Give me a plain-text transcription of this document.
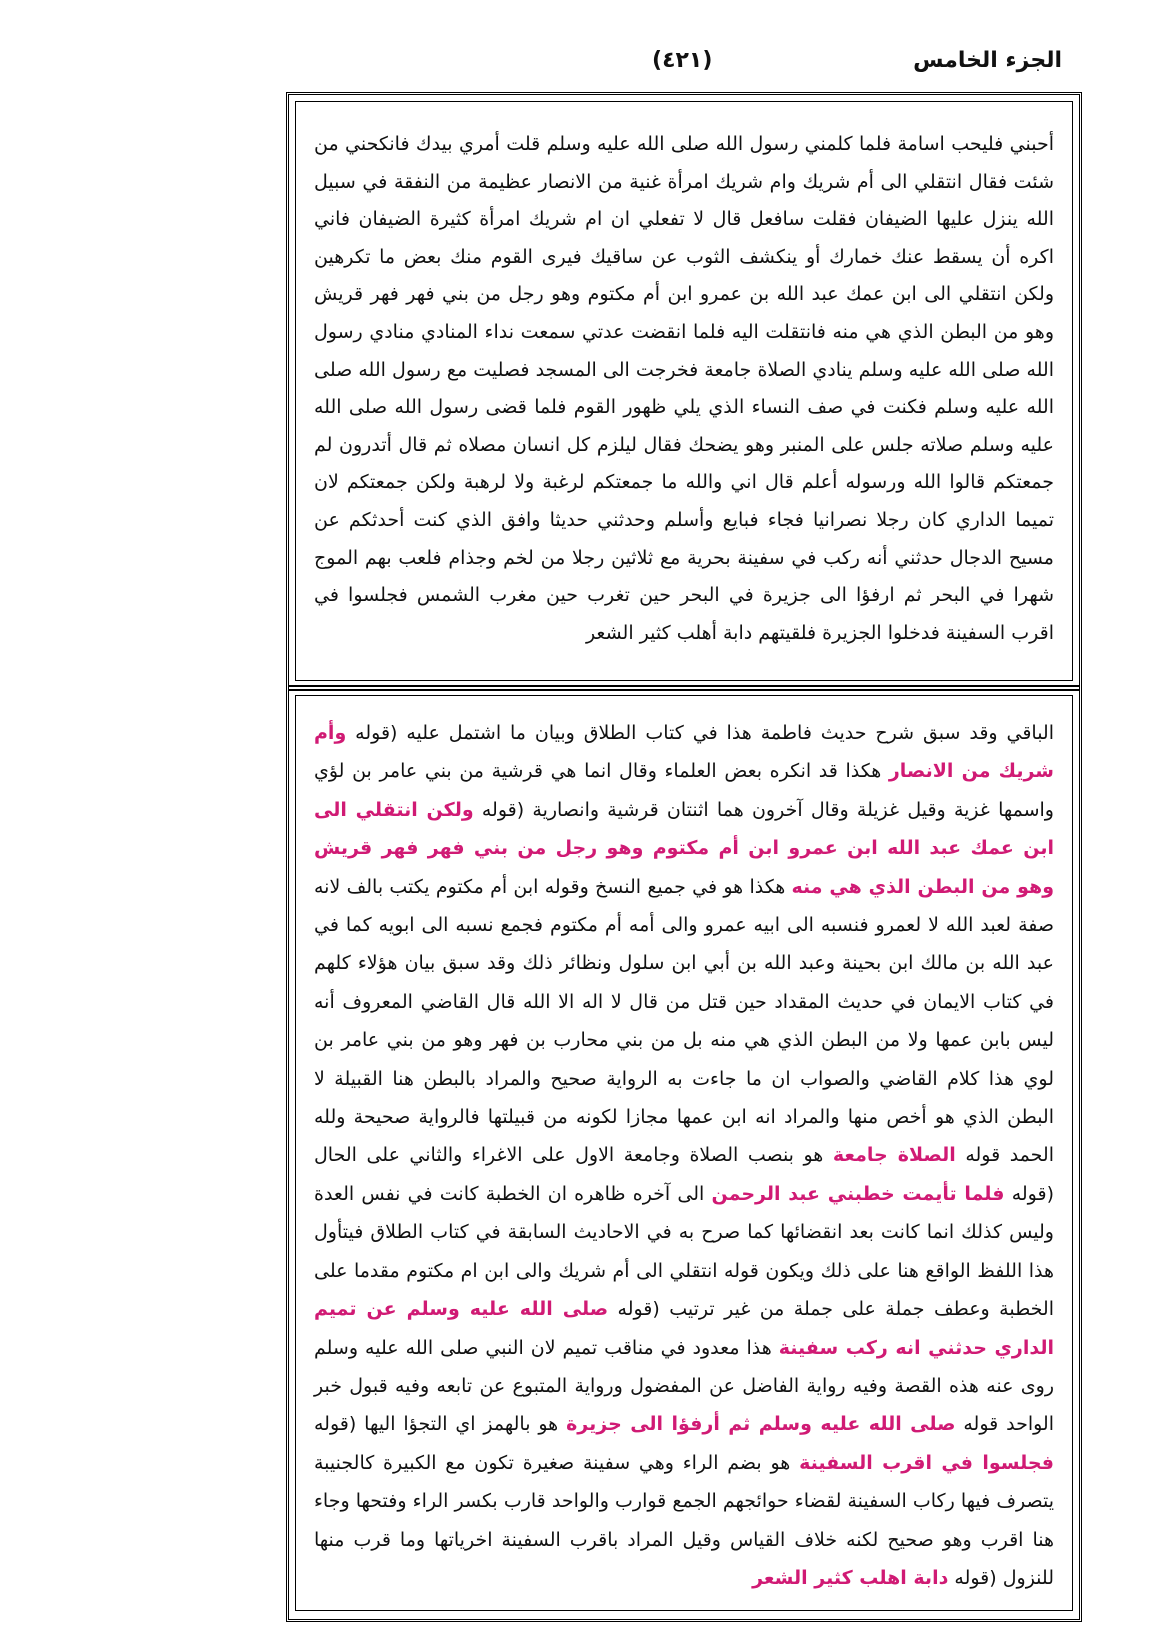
الجزء الخامس
(٤٢١)
أحبني فليحب اسامة فلما كلمني رسول الله صلى الله عليه وسلم قلت أمري بيدك فانكحني من شئت فقال انتقلي الى أم شريك وام شريك امرأة غنية من الانصار عظيمة من النفقة في سبيل الله ينزل عليها الضيفان فقلت سافعل قال لا تفعلي ان ام شريك امرأة كثيرة الضيفان فاني اكره أن يسقط عنك خمارك أو ينكشف الثوب عن ساقيك فيرى القوم منك بعض ما تكرهين ولكن انتقلي الى ابن عمك عبد الله بن عمرو ابن أم مكتوم وهو رجل من بني فهر فهر قريش وهو من البطن الذي هي منه فانتقلت اليه فلما انقضت عدتي سمعت نداء المنادي منادي رسول الله صلى الله عليه وسلم ينادي الصلاة جامعة فخرجت الى المسجد فصليت مع رسول الله صلى الله عليه وسلم فكنت في صف النساء الذي يلي ظهور القوم فلما قضى رسول الله صلى الله عليه وسلم صلاته جلس على المنبر وهو يضحك فقال ليلزم كل انسان مصلاه ثم قال أتدرون لم جمعتكم قالوا الله ورسوله أعلم قال اني والله ما جمعتكم لرغبة ولا لرهبة ولكن جمعتكم لان تميما الداري كان رجلا نصرانيا فجاء فبايع وأسلم وحدثني حديثا وافق الذي كنت أحدثكم عن مسيح الدجال حدثني أنه ركب في سفينة بحرية مع ثلاثين رجلا من لخم وجذام فلعب بهم الموج شهرا في البحر ثم ارفؤا الى جزيرة في البحر حين تغرب حين مغرب الشمس فجلسوا في اقرب السفينة فدخلوا الجزيرة فلقيتهم دابة أهلب كثير الشعر
الباقي وقد سبق شرح حديث فاطمة هذا في كتاب الطلاق وبيان ما اشتمل عليه (قوله وأم شريك من الانصار هكذا قد انكره بعض العلماء وقال انما هي قرشية من بني عامر بن لؤي واسمها غزية وقيل غزيلة وقال آخرون هما اثنتان قرشية وانصارية (قوله ولكن انتقلي الى ابن عمك عبد الله ابن عمرو ابن أم مكتوم وهو رجل من بني فهر فهر قريش وهو من البطن الذي هي منه هكذا هو في جميع النسخ وقوله ابن أم مكتوم يكتب بالف لانه صفة لعبد الله لا لعمرو فنسبه الى ابيه عمرو والى أمه أم مكتوم فجمع نسبه الى ابويه كما في عبد الله بن مالك ابن بحينة وعبد الله بن أبي ابن سلول ونظائر ذلك وقد سبق بيان هؤلاء كلهم في كتاب الايمان في حديث المقداد حين قتل من قال لا اله الا الله قال القاضي المعروف أنه ليس بابن عمها ولا من البطن الذي هي منه بل من بني محارب بن فهر وهو من بني عامر بن لوي هذا كلام القاضي والصواب ان ما جاءت به الرواية صحيح والمراد بالبطن هنا القبيلة لا البطن الذي هو أخص منها والمراد انه ابن عمها مجازا لكونه من قبيلتها فالرواية صحيحة ولله الحمد قوله الصلاة جامعة هو بنصب الصلاة وجامعة الاول على الاغراء والثاني على الحال (قوله فلما تأيمت خطبني عبد الرحمن الى آخره ظاهره ان الخطبة كانت في نفس العدة وليس كذلك انما كانت بعد انقضائها كما صرح به في الاحاديث السابقة في كتاب الطلاق فيتأول هذا اللفظ الواقع هنا على ذلك ويكون قوله انتقلي الى أم شريك والى ابن ام مكتوم مقدما على الخطبة وعطف جملة على جملة من غير ترتيب (قوله صلى الله عليه وسلم عن تميم الداري حدثني انه ركب سفينة هذا معدود في مناقب تميم لان النبي صلى الله عليه وسلم روى عنه هذه القصة وفيه رواية الفاضل عن المفضول ورواية المتبوع عن تابعه وفيه قبول خبر الواحد قوله صلى الله عليه وسلم ثم أرفؤا الى جزيرة هو بالهمز اي التجؤا اليها (قوله فجلسوا في اقرب السفينة هو بضم الراء وهي سفينة صغيرة تكون مع الكبيرة كالجنيبة يتصرف فيها ركاب السفينة لقضاء حوائجهم الجمع قوارب والواحد قارب بكسر الراء وفتحها وجاء هنا اقرب وهو صحيح لكنه خلاف القياس وقيل المراد باقرب السفينة اخرياتها وما قرب منها للنزول (قوله دابة اهلب كثير الشعر
